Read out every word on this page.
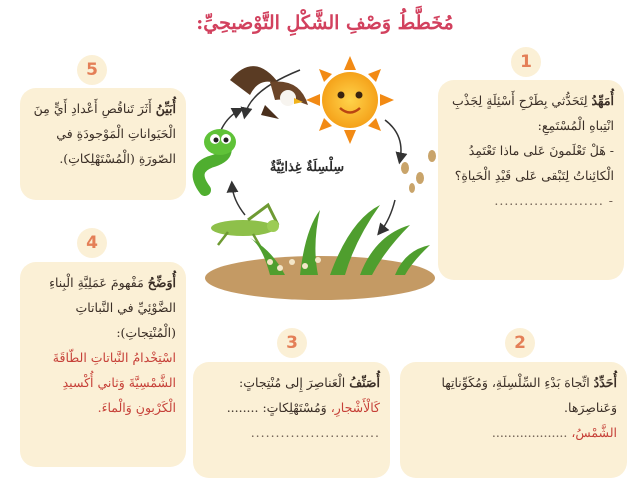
مُخَطَّطُ وَصْفِ الشَّكْلِ التَّوْضيحِيِّ:
سِلْسِلَةٌ غِذائِيَّةٌ
1
أُمَهِّدُ لِتَحَدُّثي بِطَرْحِ أَسْئِلَةٍ لِجَذْبِ انْتِباهِ الْمُسْتَمِعِ:
- هَلْ تَعْلَمونَ عَلى ماذا تَعْتَمِدُ الْكائِناتُ لِتَبْقى عَلى قَيْدِ الْحَياةِ؟
- ......................
2
أُحَدِّدُ اتِّجاهَ بَدْءِ السِّلْسِلَةِ، وَمُكَوِّناتِها وَعَناصِرَها.
الشَّمْسُ، ...................
3
أُصَنِّفُ الْعَناصِرَ إِلى مُنْتِجاتٍ:
كَالْأَشْجارِ، وَمُسْتَهْلِكاتٍ: ........
..........................
4
أُوَضِّحُ مَفْهومَ عَمَلِيَّةِ الْبِناءِ الضَّوْئِيِّ في النَّباتاتِ (الْمُنْتِجاتِ):
اسْتِخْدامُ النَّباتاتِ الطّاقَةَ الشَّمْسِيَّةَ وَثاني أُكْسيدِ الْكَرْبونِ وَالْماءَ.
5
أُبَيِّنُ أَثَرَ تَناقُصِ أَعْدادِ أَيٍّ مِنَ الْحَيَواناتِ الْمَوْجودَةِ في الصّورَةِ (الْمُسْتَهْلِكاتِ).
